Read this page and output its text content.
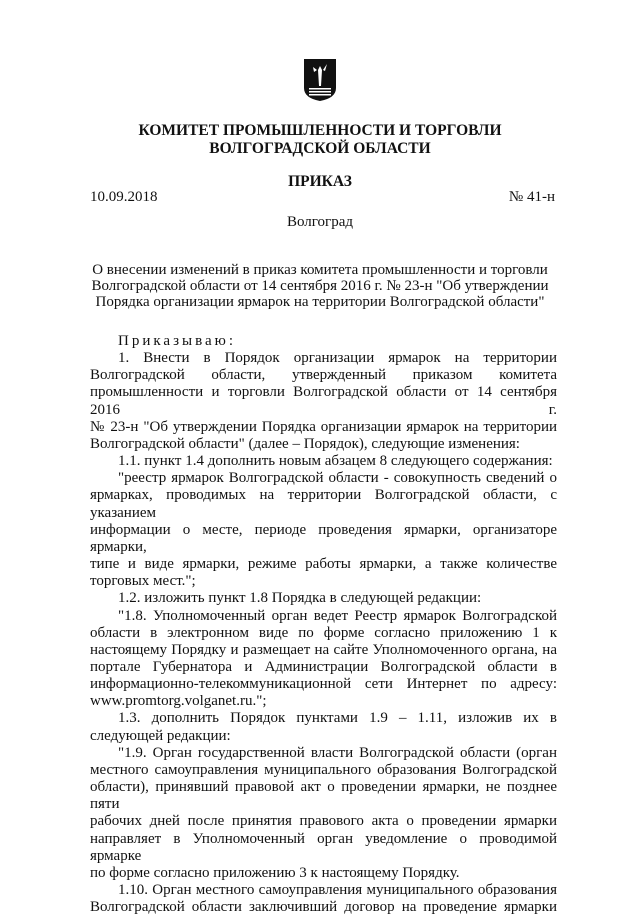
КОМИТЕТ ПРОМЫШЛЕННОСТИ И ТОРГОВЛИ
ВОЛГОГРАДСКОЙ ОБЛАСТИ
ПРИКАЗ
10.09.2018	№ 41-н
Волгоград
О внесении изменений в приказ комитета промышленности и торговли
Волгоградской области от 14 сентября 2016 г. № 23-н "Об утверждении
Порядка организации ярмарок на территории Волгоградской области"

Приказываю:

1. Внести в Порядок организации ярмарок на территории

Волгоградской области, утвержденный приказом комитета

промышленности и торговли Волгоградской области от 14 сентября 2016 г.

№ 23-н "Об утверждении Порядка организации ярмарок на территории

Волгоградской области" (далее – Порядок), следующие изменения:

1.1. пункт 1.4 дополнить новым абзацем 8 следующего содержания:

"реестр ярмарок Волгоградской области - совокупность сведений о

ярмарках, проводимых на территории Волгоградской области, с указанием

информации о месте, периоде проведения ярмарки, организаторе ярмарки,

типе и виде ярмарки, режиме работы ярмарки, а также количестве

торговых мест.";

1.2. изложить пункт 1.8 Порядка в следующей редакции:

"1.8. Уполномоченный орган ведет Реестр ярмарок Волгоградской

области в электронном виде по форме согласно приложению 1 к

настоящему Порядку и размещает на сайте Уполномоченного органа, на

портале Губернатора и Администрации Волгоградской области в

информационно-телекоммуникационной сети Интернет по адресу:

www.promtorg.volganet.ru.";

1.3. дополнить Порядок пунктами 1.9 – 1.11, изложив их в

следующей редакции:

"1.9. Орган государственной власти Волгоградской области (орган

местного самоуправления муниципального образования Волгоградской

области), принявший правовой акт о проведении ярмарки, не позднее пяти

рабочих дней после принятия правового акта о проведении ярмарки

направляет в Уполномоченный орган уведомление о проводимой ярмарке

по форме согласно приложению 3 к настоящему Порядку.

1.10. Орган местного самоуправления муниципального образования

Волгоградской области заключивший договор на проведение ярмарки
